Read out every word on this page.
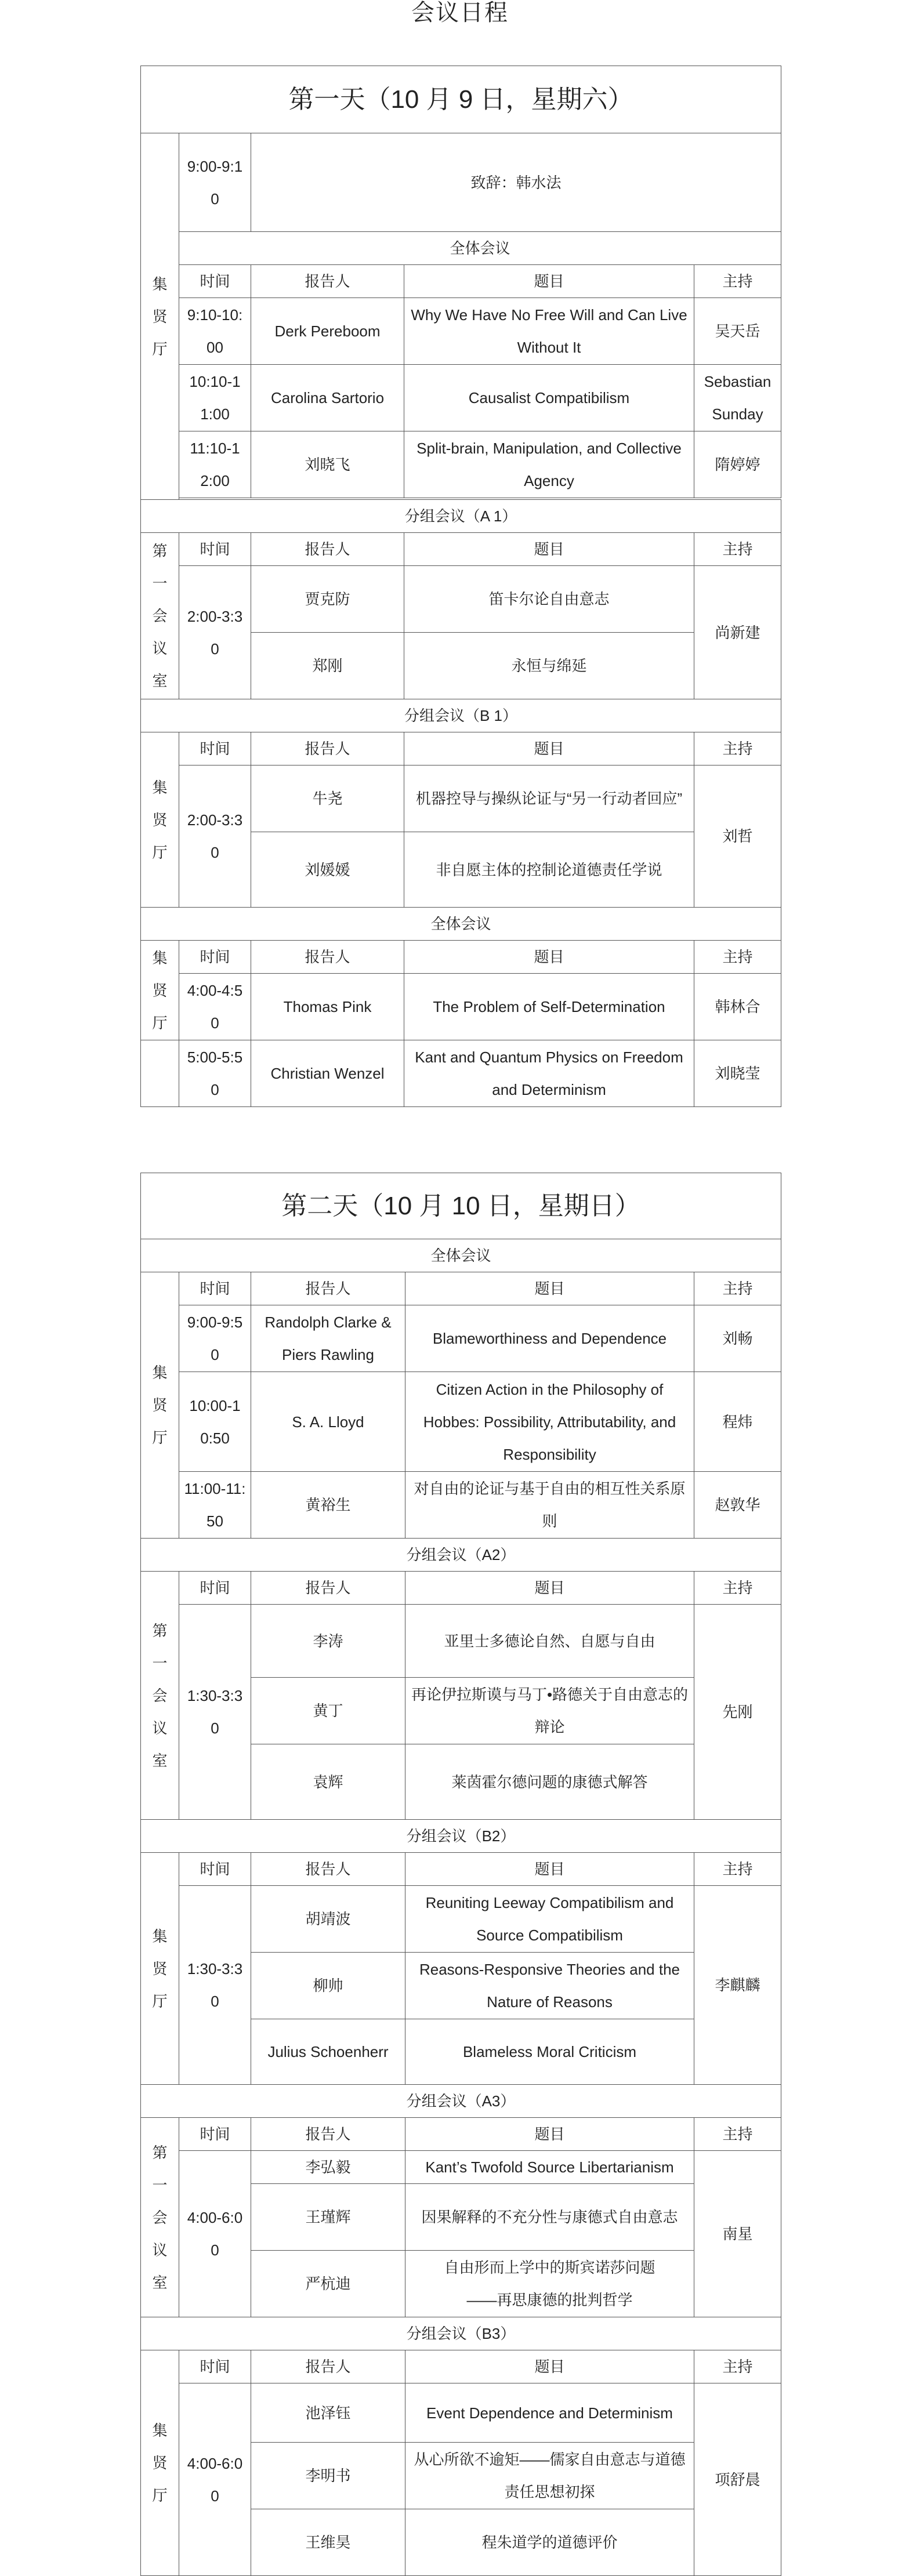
会议日程
第一天（10 月 9 日，星期六）				

集
贤
厅	9:00-9:10	致辞：韩水法		
	全体会议			
	时间	报告人	题目	主持
	9:10-10:00	Derk Pereboom	Why We Have No Free Will and Can Live Without It	吴天岳
	10:10-11:00	Carolina Sartorio	Causalist Compatibilism	Sebastian Sunday
	11:10-12:00	刘晓飞	Split-brain, Manipulation, and Collective Agency	隋婷婷

分组会议（A 1）				

第
一
会
议
室	时间	报告人	题目	主持
	2:00-3:30	贾克防	笛卡尔论自由意志	尚新建
		郑刚	永恒与绵延	
分组会议（B 1）				

集
贤
厅	时间	报告人	题目	主持
	2:00-3:30	牛尧	机器控导与操纵论证与“另一行动者回应”	刘哲
		刘媛媛	非自愿主体的控制论道德责任学说	
全体会议				

集
贤
厅	时间	报告人	题目	主持
	4:00-4:50	Thomas Pink	The Problem of Self-Determination	韩林合
	5:00-5:50	Christian Wenzel	Kant and Quantum Physics on Freedom and Determinism	刘晓莹
第二天（10 月 10 日，星期日）				
全体会议				

集
贤
厅	时间	报告人	题目	主持
	9:00-9:50	Randolph Clarke & Piers Rawling	Blameworthiness and Dependence	刘畅
	10:00-10:50	S. A. Lloyd	Citizen Action in the Philosophy of Hobbes: Possibility, Attributability, and Responsibility	程炜
	11:00-11:50	黄裕生	对自由的论证与基于自由的相互性关系原则	赵敦华
分组会议（A2）				

第
一
会
议
室	时间	报告人	题目	主持
	1:30-3:30	李涛	亚里士多德论自然、自愿与自由	先刚
		黄丁	再论伊拉斯谟与马丁•路德关于自由意志的辩论	
		袁辉	莱茵霍尔德问题的康德式解答	
分组会议（B2）				

集
贤
厅	时间	报告人	题目	主持
	1:30-3:30	胡靖波	Reuniting Leeway Compatibilism and Source Compatibilism	李麒麟
		柳帅	Reasons-Responsive Theories and the Nature of Reasons	
		Julius Schoenherr	Blameless Moral Criticism	
分组会议（A3）				

第
一
会
议
室	时间	报告人	题目	主持
	4:00-6:00	李弘毅	Kant’s Twofold Source Libertarianism	南星
		王瑾辉	因果解释的不充分性与康德式自由意志	
		严杭迪	自由形而上学中的斯宾诺莎问题
——再思康德的批判哲学	

分组会议（B3）				

集
贤
厅	时间	报告人	题目	主持
	4:00-6:00	池泽钰	Event Dependence and Determinism	项舒晨
		李明书	从心所欲不逾矩——儒家自由意志与道德责任思想初探	
		王维昊	程朱道学的道德评价	
